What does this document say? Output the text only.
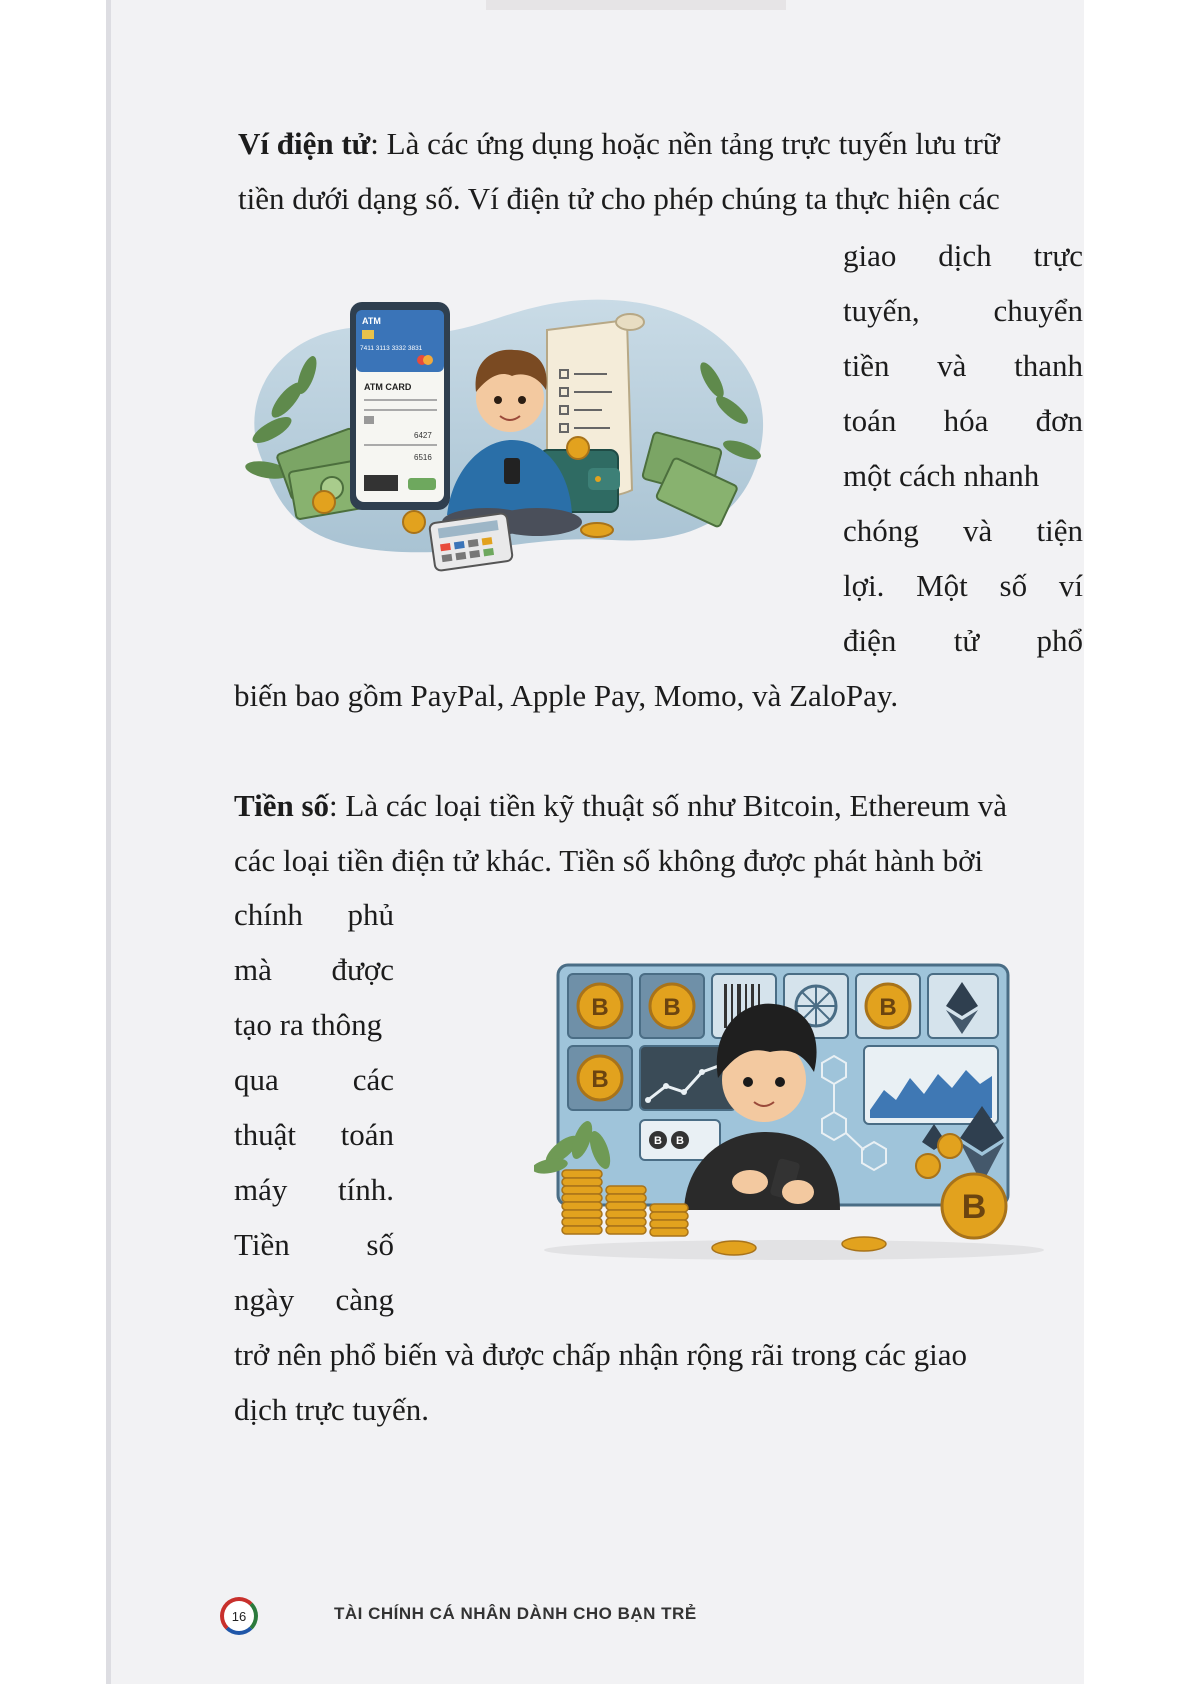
Ví điện tử: Là các ứng dụng hoặc nền tảng trực tuyến lưu trữ
tiền dưới dạng số. Ví điện tử cho phép chúng ta thực hiện các
giao dịch trực
tuyến, chuyển
tiền và thanh
toán hóa đơn
một cách nhanh
chóng và tiện
lợi. Một số ví
điện tử phổ
biến bao gồm PayPal, Apple Pay, Momo, và ZaloPay.
ATM
7411 3113 3332 3831
ATM CARD
6427
6516
Tiền số: Là các loại tiền kỹ thuật số như Bitcoin, Ethereum và
các loại tiền điện tử khác. Tiền số không được phát hành bởi
chính phủ
mà được
tạo ra thông
qua các
thuật toán
máy tính.
Tiền số
ngày càng
trở nên phổ biến và được chấp nhận rộng rãi trong các giao
dịch trực tuyến.
B B
B
B
B B
B
16	TÀI CHÍNH CÁ NHÂN DÀNH CHO BẠN TRẺ
